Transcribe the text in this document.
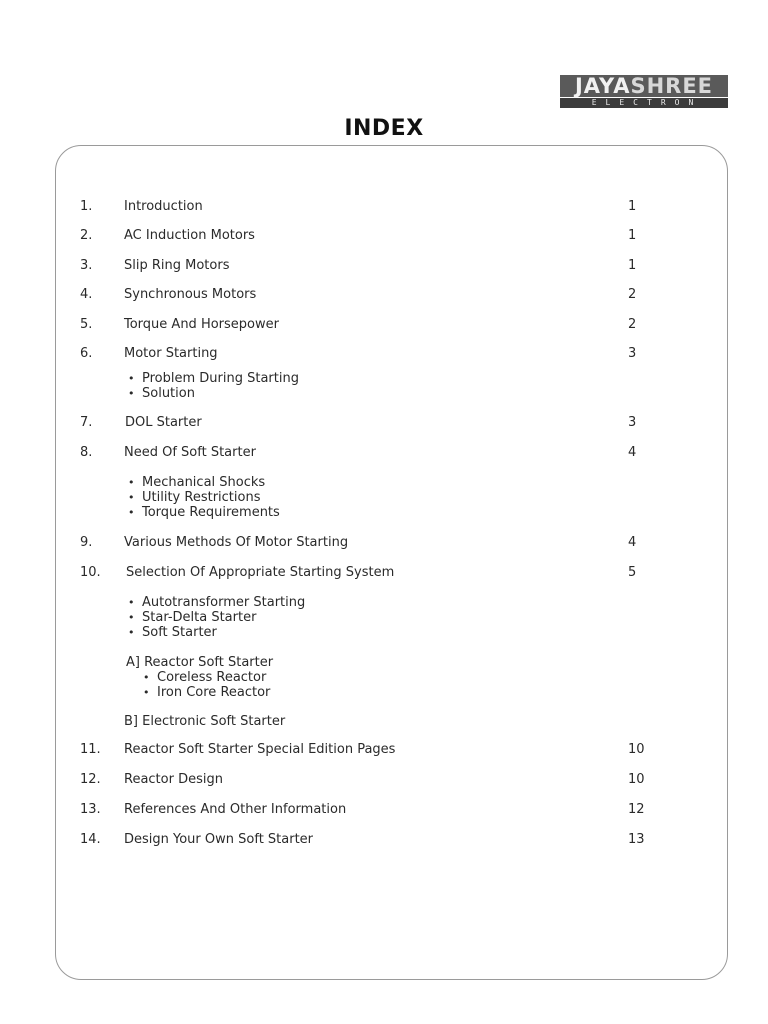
JAYASHREE
ELECTRON
INDEX
1. Introduction	1
2. AC Induction Motors	1
3. Slip Ring Motors	1
4. Synchronous Motors	2
5. Torque And Horsepower	2
6. Motor Starting	3
• Problem During Starting
• Solution
7.	DOL Starter	3
8. Need Of Soft Starter	4
• Mechanical Shocks
• Utility Restrictions
• Torque Requirements
9. Various Methods Of Motor Starting	4
10. Selection Of Appropriate Starting System	5
• Autotransformer Starting
• Star-Delta Starter
• Soft Starter
A] Reactor Soft Starter
• Coreless Reactor
• Iron Core Reactor
B] Electronic Soft Starter
11. Reactor Soft Starter Special Edition Pages	10
12. Reactor Design	10
13. References And Other Information	12
14. Design Your Own Soft Starter	13
